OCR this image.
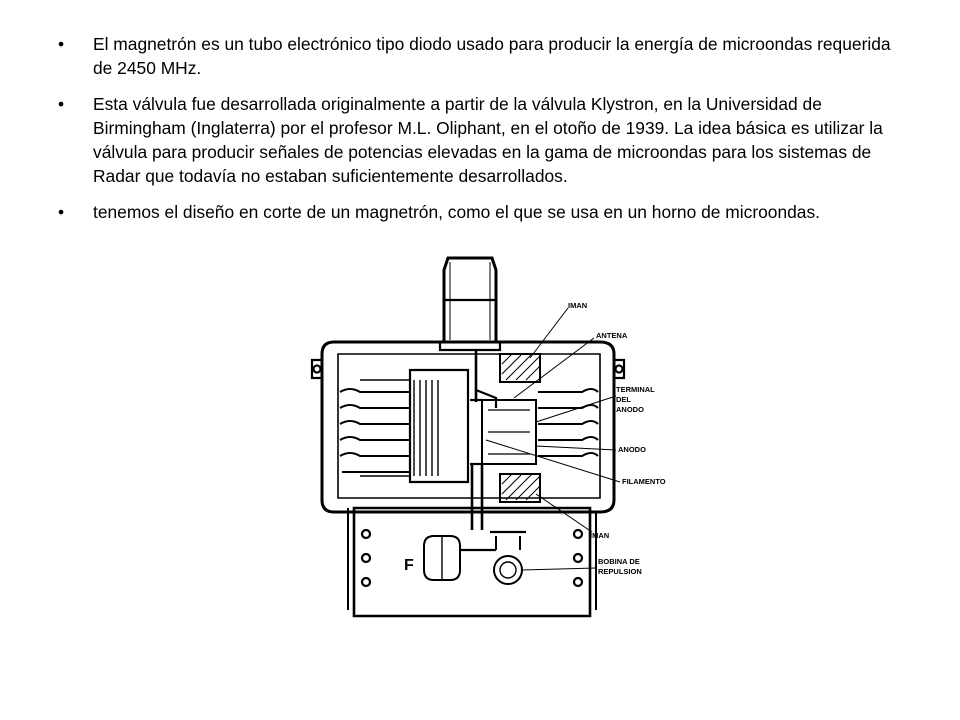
• El magnetrón es un tubo electrónico tipo diodo usado para producir la energía de microondas requerida de 2450 MHz.
• Esta válvula fue desarrollada originalmente a partir de la válvula Klystron, en la Universidad de Birmingham (Inglaterra) por el profesor M.L. Oliphant, en el otoño de 1939. La idea básica es utilizar la válvula para producir señales de potencias elevadas en la gama de microondas para los sistemas de Radar que todavía no estaban suficientemente desarrollados.
• tenemos el diseño en corte de un magnetrón, como el que se usa en un horno de microondas.
IMAN
ANTENA
TERMINAL
DEL
ANODO
ANODO
FILAMENTO
IMAN
BOBINA DE
REPULSION
F
